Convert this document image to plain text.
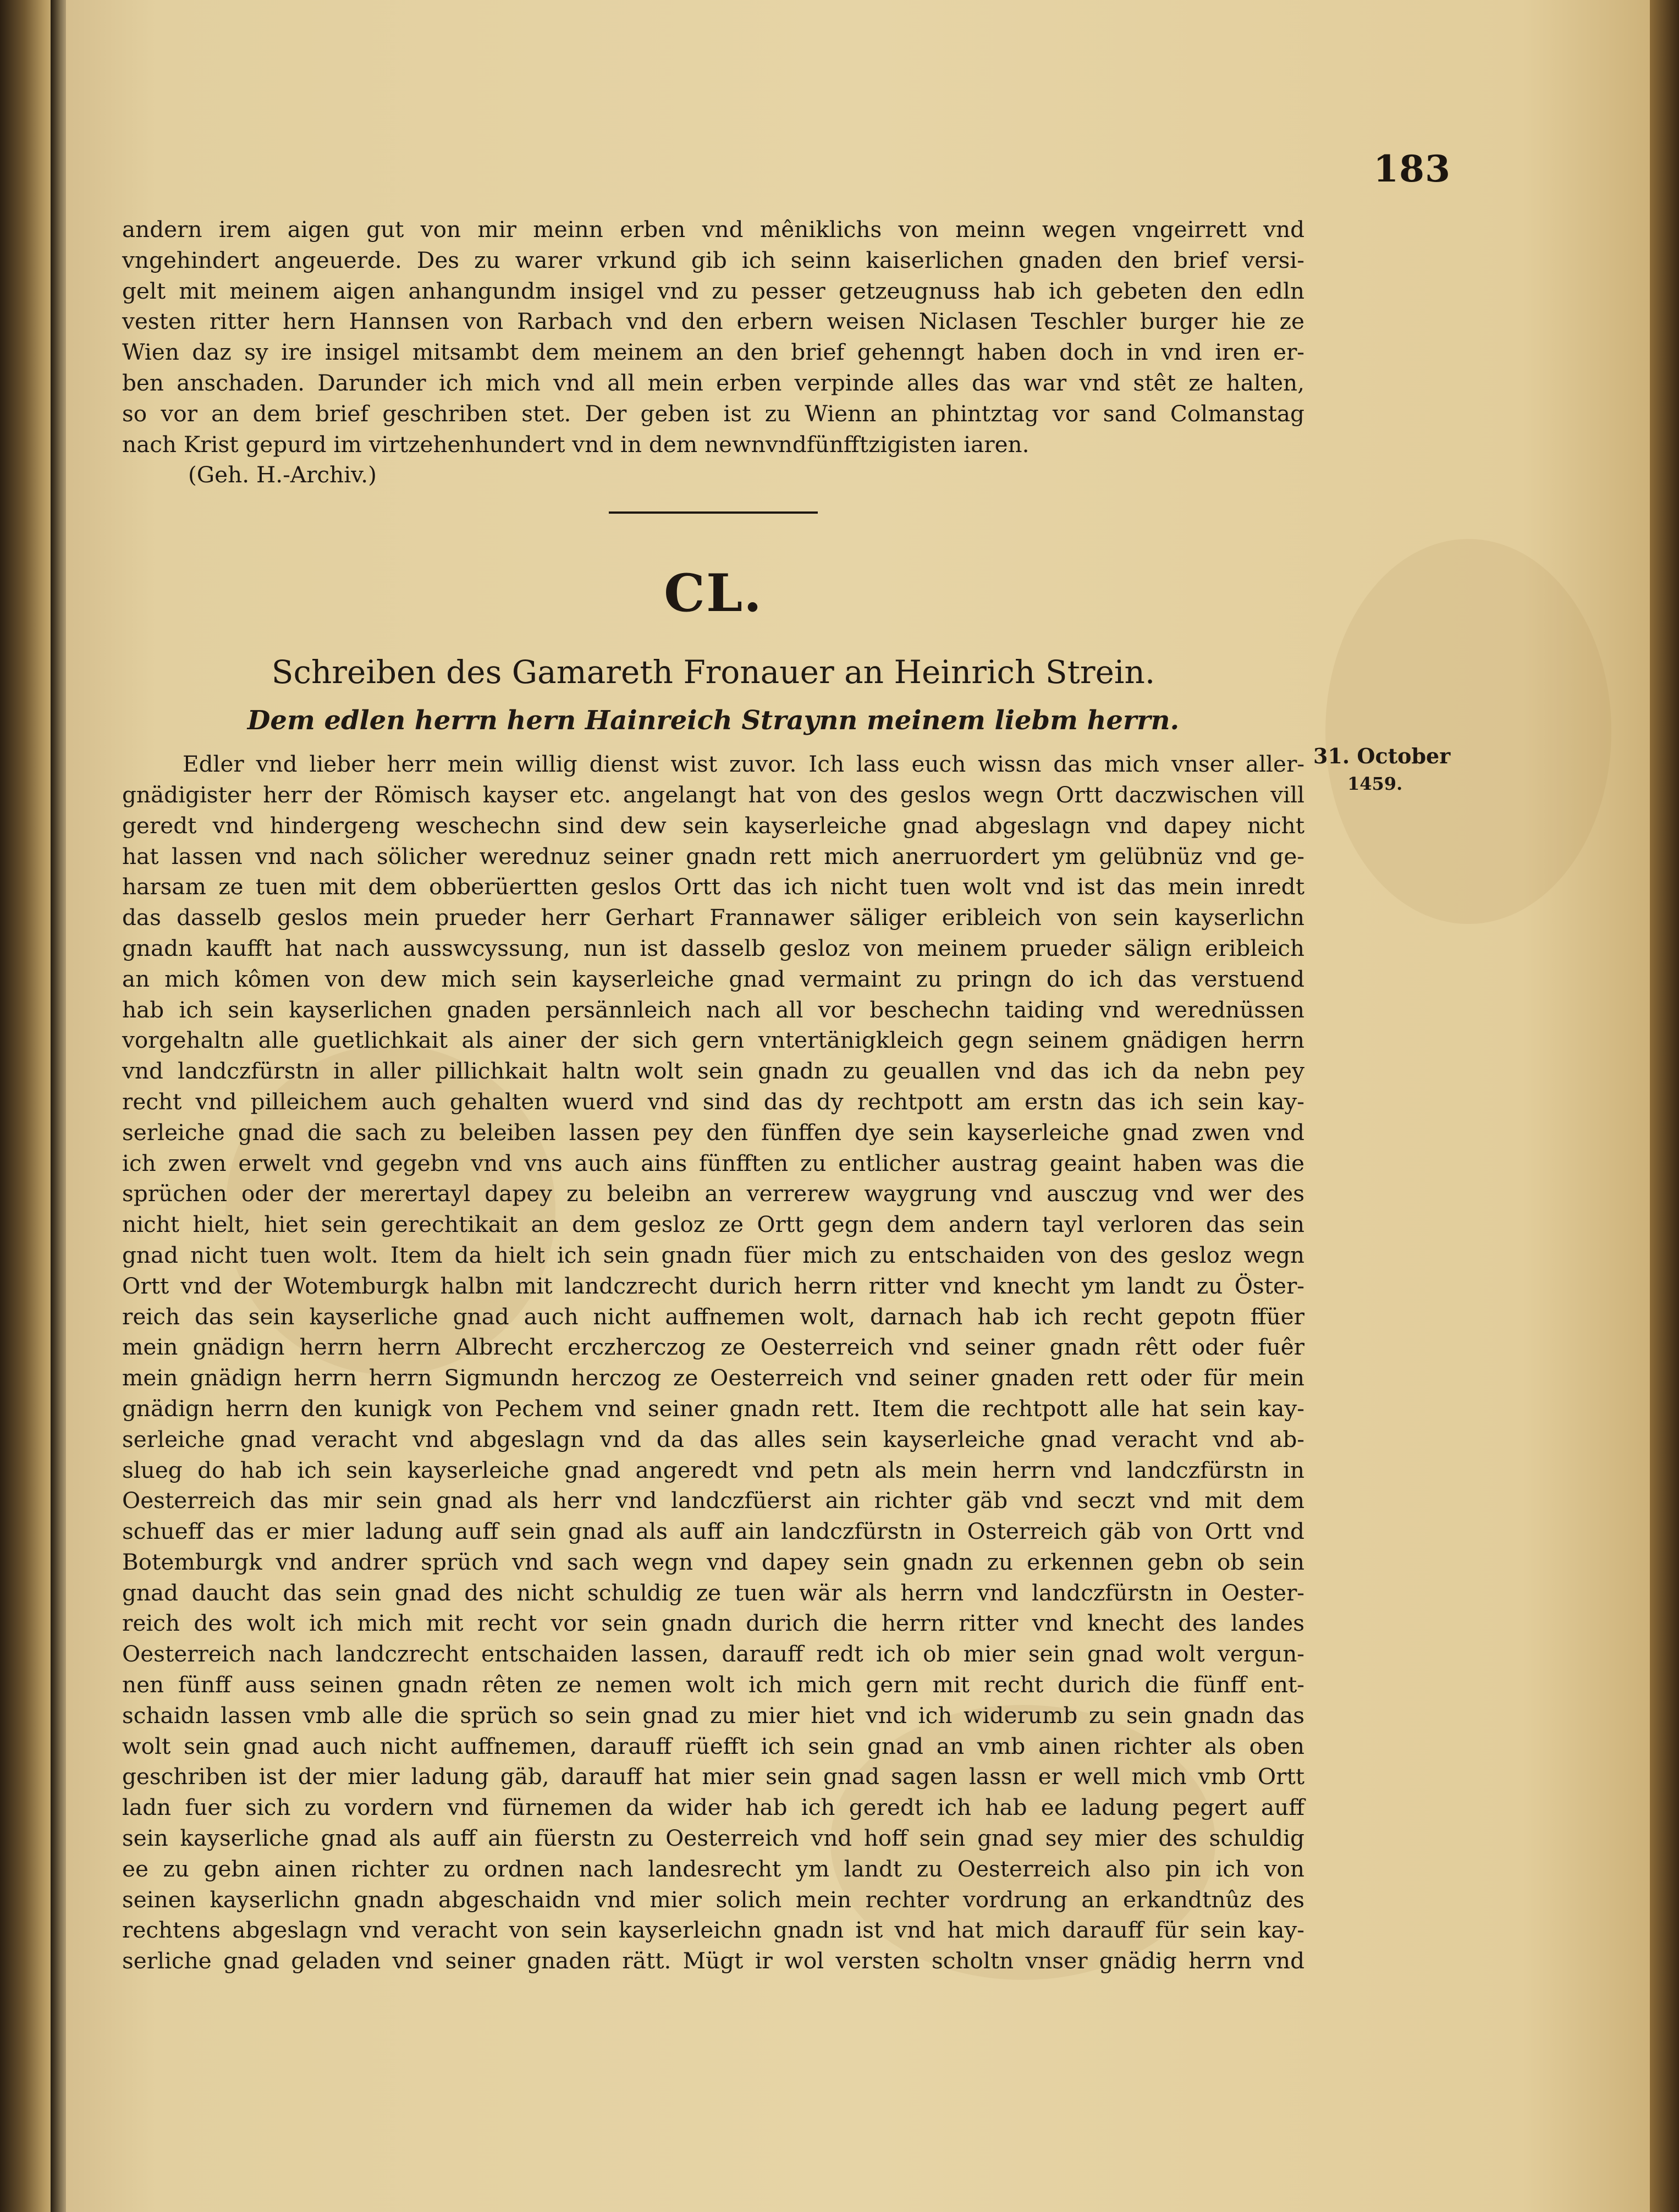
183
31. October
1459.
andern irem aigen gut von mir meinn erben vnd mêniklichs von meinn wegen vngeirrett vnd
vngehindert angeuerde. Des zu warer vrkund gib ich seinn kaiserlichen gnaden den brief versi-
gelt mit meinem aigen anhangundm insigel vnd zu pesser getzeugnuss hab ich gebeten den edln
vesten ritter hern Hannsen von Rarbach vnd den erbern weisen Niclasen Teschler burger hie ze
Wien daz sy ire insigel mitsambt dem meinem an den brief gehenngt haben doch in vnd iren er-
ben anschaden. Darunder ich mich vnd all mein erben verpinde alles das war vnd stêt ze halten,
so vor an dem brief geschriben stet. Der geben ist zu Wienn an phintztag vor sand Colmanstag
nach Krist gepurd im virtzehenhundert vnd in dem newnvndfünfftzigisten iaren.
(Geh. H.-Archiv.)
CL.
Schreiben des Gamareth Fronauer an Heinrich Strein.
Dem edlen herrn hern Hainreich Straynn meinem liebm herrn.
Edler vnd lieber herr mein willig dienst wist zuvor. Ich lass euch wissn das mich vnser aller-
gnädigister herr der Römisch kayser etc. angelangt hat von des geslos wegn Ortt daczwischen vill
geredt vnd hindergeng weschechn sind dew sein kayserleiche gnad abgeslagn vnd dapey nicht
hat lassen vnd nach sölicher werednuz seiner gnadn rett mich anerruordert ym gelübnüz vnd ge-
harsam ze tuen mit dem obberüertten geslos Ortt das ich nicht tuen wolt vnd ist das mein inredt
das dasselb geslos mein prueder herr Gerhart Frannawer säliger eribleich von sein kayserlichn
gnadn kaufft hat nach ausswcyssung, nun ist dasselb gesloz von meinem prueder sälign eribleich
an mich kômen von dew mich sein kayserleiche gnad vermaint zu pringn do ich das verstuend
hab ich sein kayserlichen gnaden persännleich nach all vor beschechn taiding vnd werednüssen
vorgehaltn alle guetlichkait als ainer der sich gern vntertänigkleich gegn seinem gnädigen herrn
vnd landczfürstn in aller pillichkait haltn wolt sein gnadn zu geuallen vnd das ich da nebn pey
recht vnd pilleichem auch gehalten wuerd vnd sind das dy rechtpott am erstn das ich sein kay-
serleiche gnad die sach zu beleiben lassen pey den fünffen dye sein kayserleiche gnad zwen vnd
ich zwen erwelt vnd gegebn vnd vns auch ains fünfften zu entlicher austrag geaint haben was die
sprüchen oder der merertayl dapey zu beleibn an verrerew waygrung vnd ausczug vnd wer des
nicht hielt, hiet sein gerechtikait an dem gesloz ze Ortt gegn dem andern tayl verloren das sein
gnad nicht tuen wolt. Item da hielt ich sein gnadn füer mich zu entschaiden von des gesloz wegn
Ortt vnd der Wotemburgk halbn mit landczrecht durich herrn ritter vnd knecht ym landt zu Öster-
reich das sein kayserliche gnad auch nicht auffnemen wolt, darnach hab ich recht gepotn ffüer
mein gnädign herrn herrn Albrecht erczherczog ze Oesterreich vnd seiner gnadn rêtt oder fuêr
mein gnädign herrn herrn Sigmundn herczog ze Oesterreich vnd seiner gnaden rett oder für mein
gnädign herrn den kunigk von Pechem vnd seiner gnadn rett. Item die rechtpott alle hat sein kay-
serleiche gnad veracht vnd abgeslagn vnd da das alles sein kayserleiche gnad veracht vnd ab-
slueg do hab ich sein kayserleiche gnad angeredt vnd petn als mein herrn vnd landczfürstn in
Oesterreich das mir sein gnad als herr vnd landczfüerst ain richter gäb vnd seczt vnd mit dem
schueff das er mier ladung auff sein gnad als auff ain landczfürstn in Osterreich gäb von Ortt vnd
Botemburgk vnd andrer sprüch vnd sach wegn vnd dapey sein gnadn zu erkennen gebn ob sein
gnad daucht das sein gnad des nicht schuldig ze tuen wär als herrn vnd landczfürstn in Oester-
reich des wolt ich mich mit recht vor sein gnadn durich die herrn ritter vnd knecht des landes
Oesterreich nach landczrecht entschaiden lassen, darauff redt ich ob mier sein gnad wolt vergun-
nen fünff auss seinen gnadn rêten ze nemen wolt ich mich gern mit recht durich die fünff ent-
schaidn lassen vmb alle die sprüch so sein gnad zu mier hiet vnd ich widerumb zu sein gnadn das
wolt sein gnad auch nicht auffnemen, darauff rüefft ich sein gnad an vmb ainen richter als oben
geschriben ist der mier ladung gäb, darauff hat mier sein gnad sagen lassn er well mich vmb Ortt
ladn fuer sich zu vordern vnd fürnemen da wider hab ich geredt ich hab ee ladung pegert auff
sein kayserliche gnad als auff ain füerstn zu Oesterreich vnd hoff sein gnad sey mier des schuldig
ee zu gebn ainen richter zu ordnen nach landesrecht ym landt zu Oesterreich also pin ich von
seinen kayserlichn gnadn abgeschaidn vnd mier solich mein rechter vordrung an erkandtnûz des
rechtens abgeslagn vnd veracht von sein kayserleichn gnadn ist vnd hat mich darauff für sein kay-
serliche gnad geladen vnd seiner gnaden rätt. Mügt ir wol versten scholtn vnser gnädig herrn vnd
